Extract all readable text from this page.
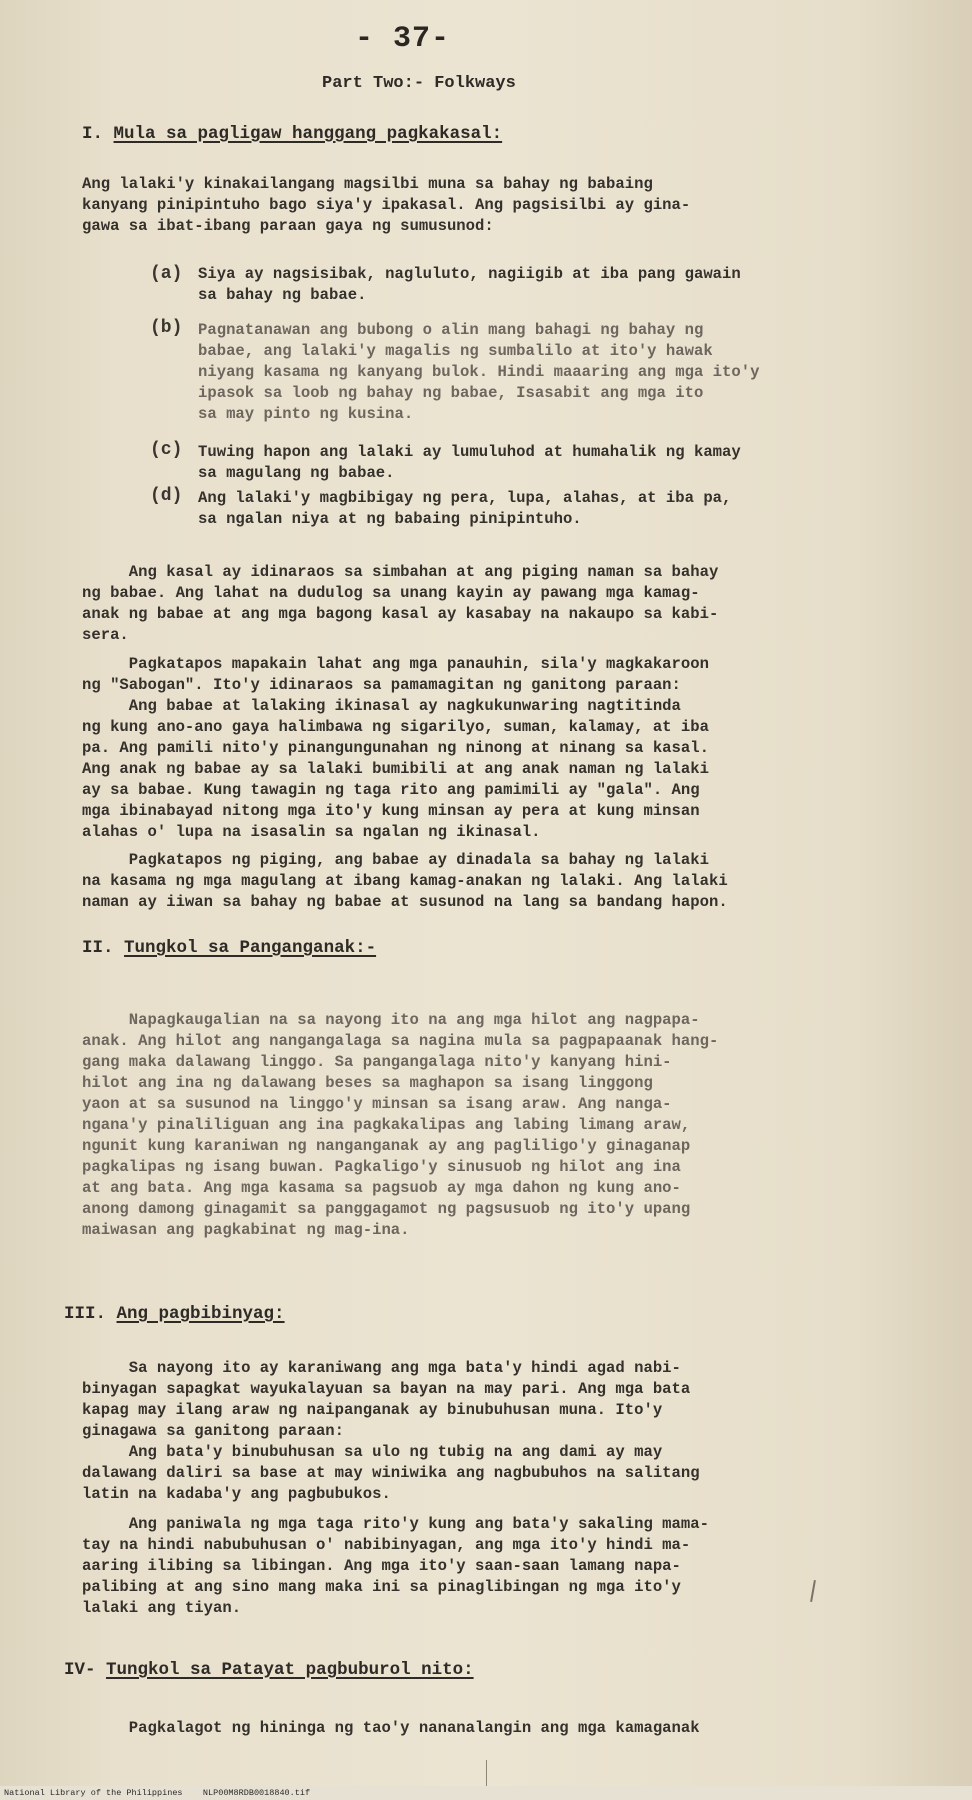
- 37-
Part Two:- Folkways
I. Mula sa pagligaw hanggang pagkakasal:

Ang lalaki'y kinakailangang magsilbi muna sa bahay ng babaing
kanyang pinipintuho bago siya'y ipakasal. Ang pagsisilbi ay gina-
gawa sa ibat-ibang paraan gaya ng sumusunod:

(a) Siya ay nagsisibak, nagluluto, nagiigib at iba pang gawain
sa bahay ng babae.

(b) Pagnatanawan ang bubong o alin mang bahagi ng bahay ng
babae, ang lalaki'y magalis ng sumbalilo at ito'y hawak
niyang kasama ng kanyang bulok. Hindi maaaring ang mga ito'y
ipasok sa loob ng bahay ng babae, Isasabit ang mga ito
sa may pinto ng kusina.

(c) Tuwing hapon ang lalaki ay lumuluhod at humahalik ng kamay
sa magulang ng babae.

(d) Ang lalaki'y magbibigay ng pera, lupa, alahas, at iba pa,
sa ngalan niya at ng babaing pinipintuho.

Ang kasal ay idinaraos sa simbahan at ang piging naman sa bahay
ng babae. Ang lahat na dudulog sa unang kayin ay pawang mga kamag-
anak ng babae at ang mga bagong kasal ay kasabay na nakaupo sa kabi-
sera.

Pagkatapos mapakain lahat ang mga panauhin, sila'y magkakaroon
ng "Sabogan". Ito'y idinaraos sa pamamagitan ng ganitong paraan:
Ang babae at lalaking ikinasal ay nagkukunwaring nagtitinda
ng kung ano-ano gaya halimbawa ng sigarilyo, suman, kalamay, at iba
pa. Ang pamili nito'y pinangungunahan ng ninong at ninang sa kasal.
Ang anak ng babae ay sa lalaki bumibili at ang anak naman ng lalaki
ay sa babae. Kung tawagin ng taga rito ang pamimili ay "gala". Ang
mga ibinabayad nitong mga ito'y kung minsan ay pera at kung minsan
alahas o' lupa na isasalin sa ngalan ng ikinasal.

Pagkatapos ng piging, ang babae ay dinadala sa bahay ng lalaki
na kasama ng mga magulang at ibang kamag-anakan ng lalaki. Ang lalaki
naman ay iiwan sa bahay ng babae at susunod na lang sa bandang hapon.

II. Tungkol sa Panganganak:-

Napagkaugalian na sa nayong ito na ang mga hilot ang nagpapa-
anak. Ang hilot ang nangangalaga sa nagina mula sa pagpapaanak hang-
gang maka dalawang linggo. Sa pangangalaga nito'y kanyang hini-
hilot ang ina ng dalawang beses sa maghapon sa isang linggong
yaon at sa susunod na linggo'y minsan sa isang araw. Ang nanga-
ngana'y pinaliliguan ang ina pagkakalipas ang labing limang araw,
ngunit kung karaniwan ng nanganganak ay ang pagliligo'y ginaganap
pagkalipas ng isang buwan. Pagkaligo'y sinusuob ng hilot ang ina
at ang bata. Ang mga kasama sa pagsuob ay mga dahon ng kung ano-
anong damong ginagamit sa panggagamot ng pagsusuob ng ito'y upang
maiwasan ang pagkabinat ng mag-ina.

III. Ang pagbibinyag:

Sa nayong ito ay karaniwang ang mga bata'y hindi agad nabi-
binyagan sapagkat wayukalayuan sa bayan na may pari. Ang mga bata
kapag may ilang araw ng naipanganak ay binubuhusan muna. Ito'y
ginagawa sa ganitong paraan:
Ang bata'y binubuhusan sa ulo ng tubig na ang dami ay may
dalawang daliri sa base at may winiwika ang nagbubuhos na salitang
latin na kadaba'y ang pagbubukos.

Ang paniwala ng mga taga rito'y kung ang bata'y sakaling mama-
tay na hindi nabubuhusan o' nabibinyagan, ang mga ito'y hindi ma-
aaring ilibing sa libingan. Ang mga ito'y saan-saan lamang napa-
palibing at ang sino mang maka ini sa pinaglibingan ng mga ito'y
lalaki ang tiyan.

IV- Tungkol sa Patayat pagbuburol nito:

Pagkalagot ng hininga ng tao'y nananalangin ang mga kamaganak

National Library of the Philippines    NLP00M8RDB0018840.tif
